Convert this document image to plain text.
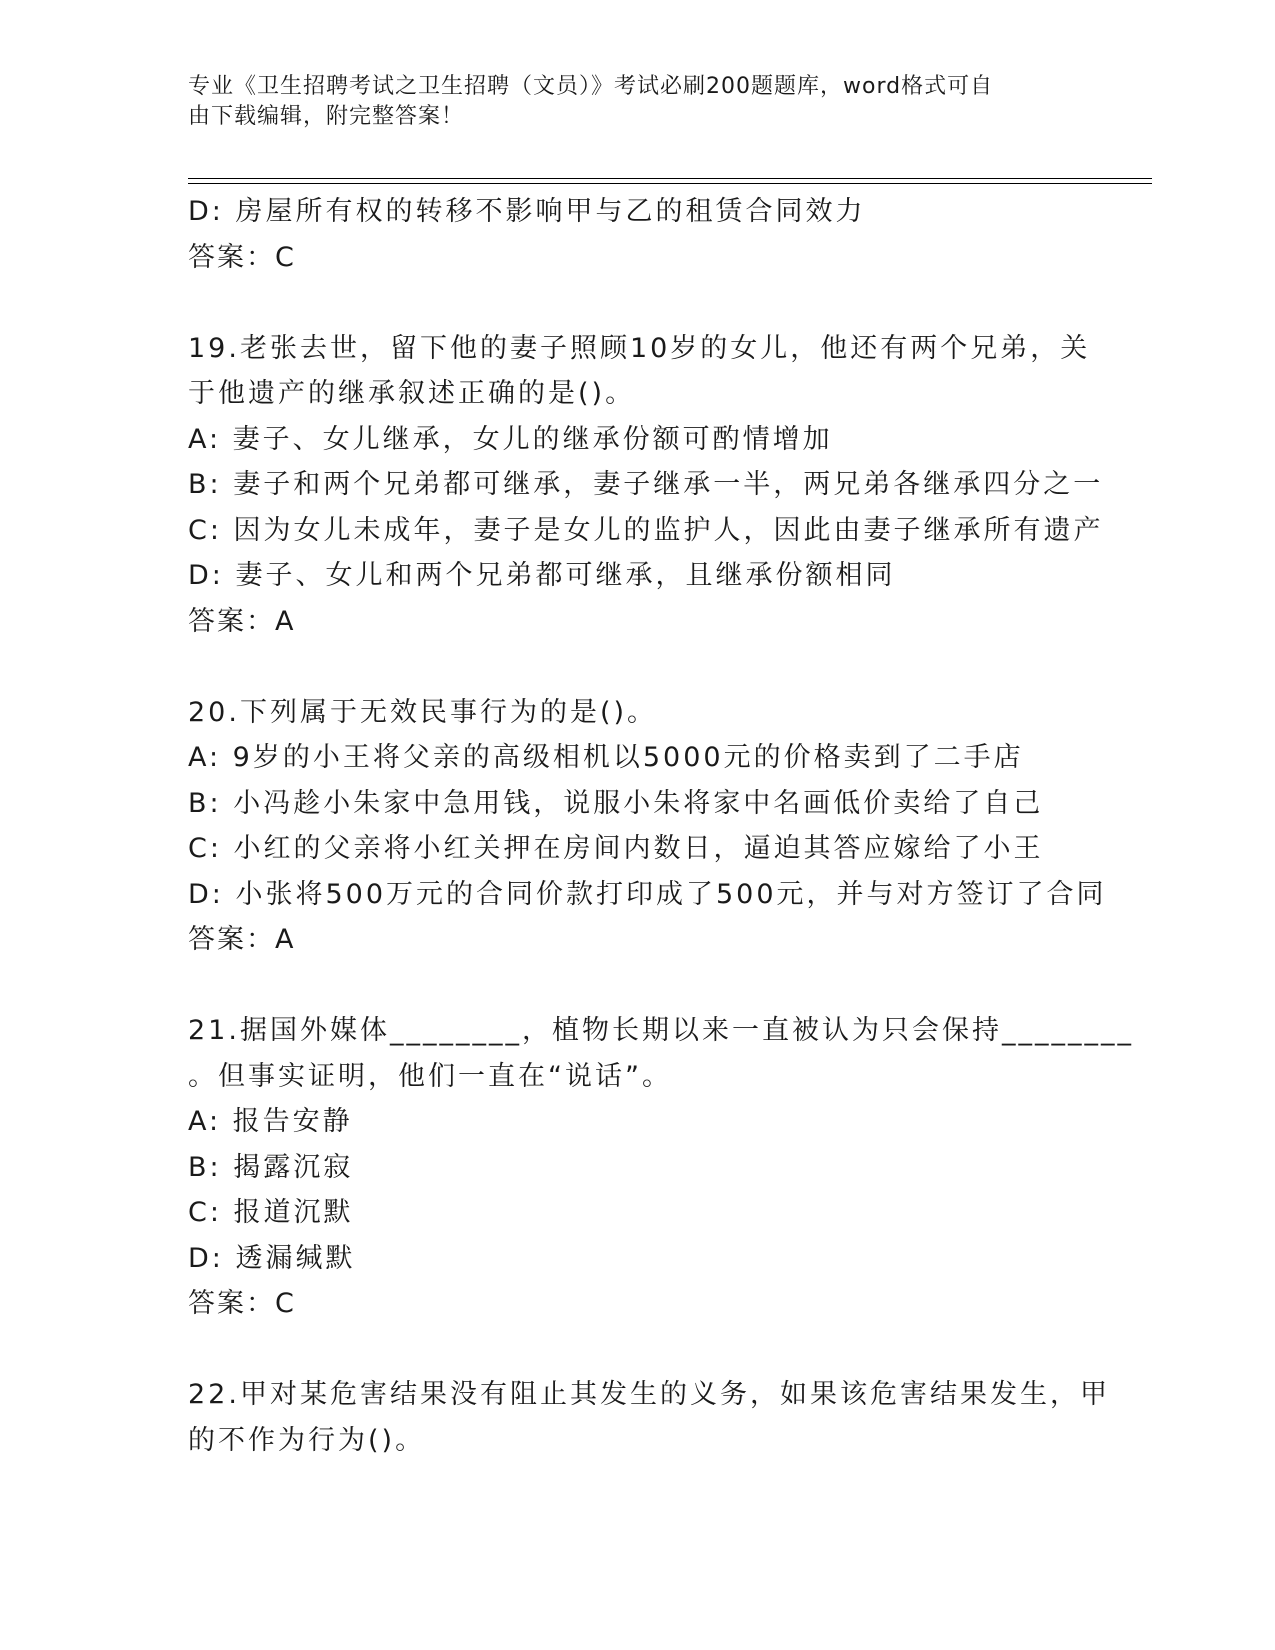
专业《卫生招聘考试之卫生招聘（文员）》考试必刷200题题库，word格式可自
由下载编辑，附完整答案！
D: 房屋所有权的转移不影响甲与乙的租赁合同效力
答案：C
19.老张去世，留下他的妻子照顾10岁的女儿，他还有两个兄弟，关
于他遗产的继承叙述正确的是()。
A: 妻子、女儿继承，女儿的继承份额可酌情增加
B: 妻子和两个兄弟都可继承，妻子继承一半，两兄弟各继承四分之一
C: 因为女儿未成年，妻子是女儿的监护人，因此由妻子继承所有遗产
D: 妻子、女儿和两个兄弟都可继承，且继承份额相同
答案：A
20.下列属于无效民事行为的是()。
A: 9岁的小王将父亲的高级相机以5000元的价格卖到了二手店
B: 小冯趁小朱家中急用钱，说服小朱将家中名画低价卖给了自己
C: 小红的父亲将小红关押在房间内数日，逼迫其答应嫁给了小王
D: 小张将500万元的合同价款打印成了500元，并与对方签订了合同
答案：A
21.据国外媒体________，植物长期以来一直被认为只会保持________
。但事实证明，他们一直在“说话”。
A: 报告安静
B: 揭露沉寂
C: 报道沉默
D: 透漏缄默
答案：C
22.甲对某危害结果没有阻止其发生的义务，如果该危害结果发生，甲
的不作为行为()。
